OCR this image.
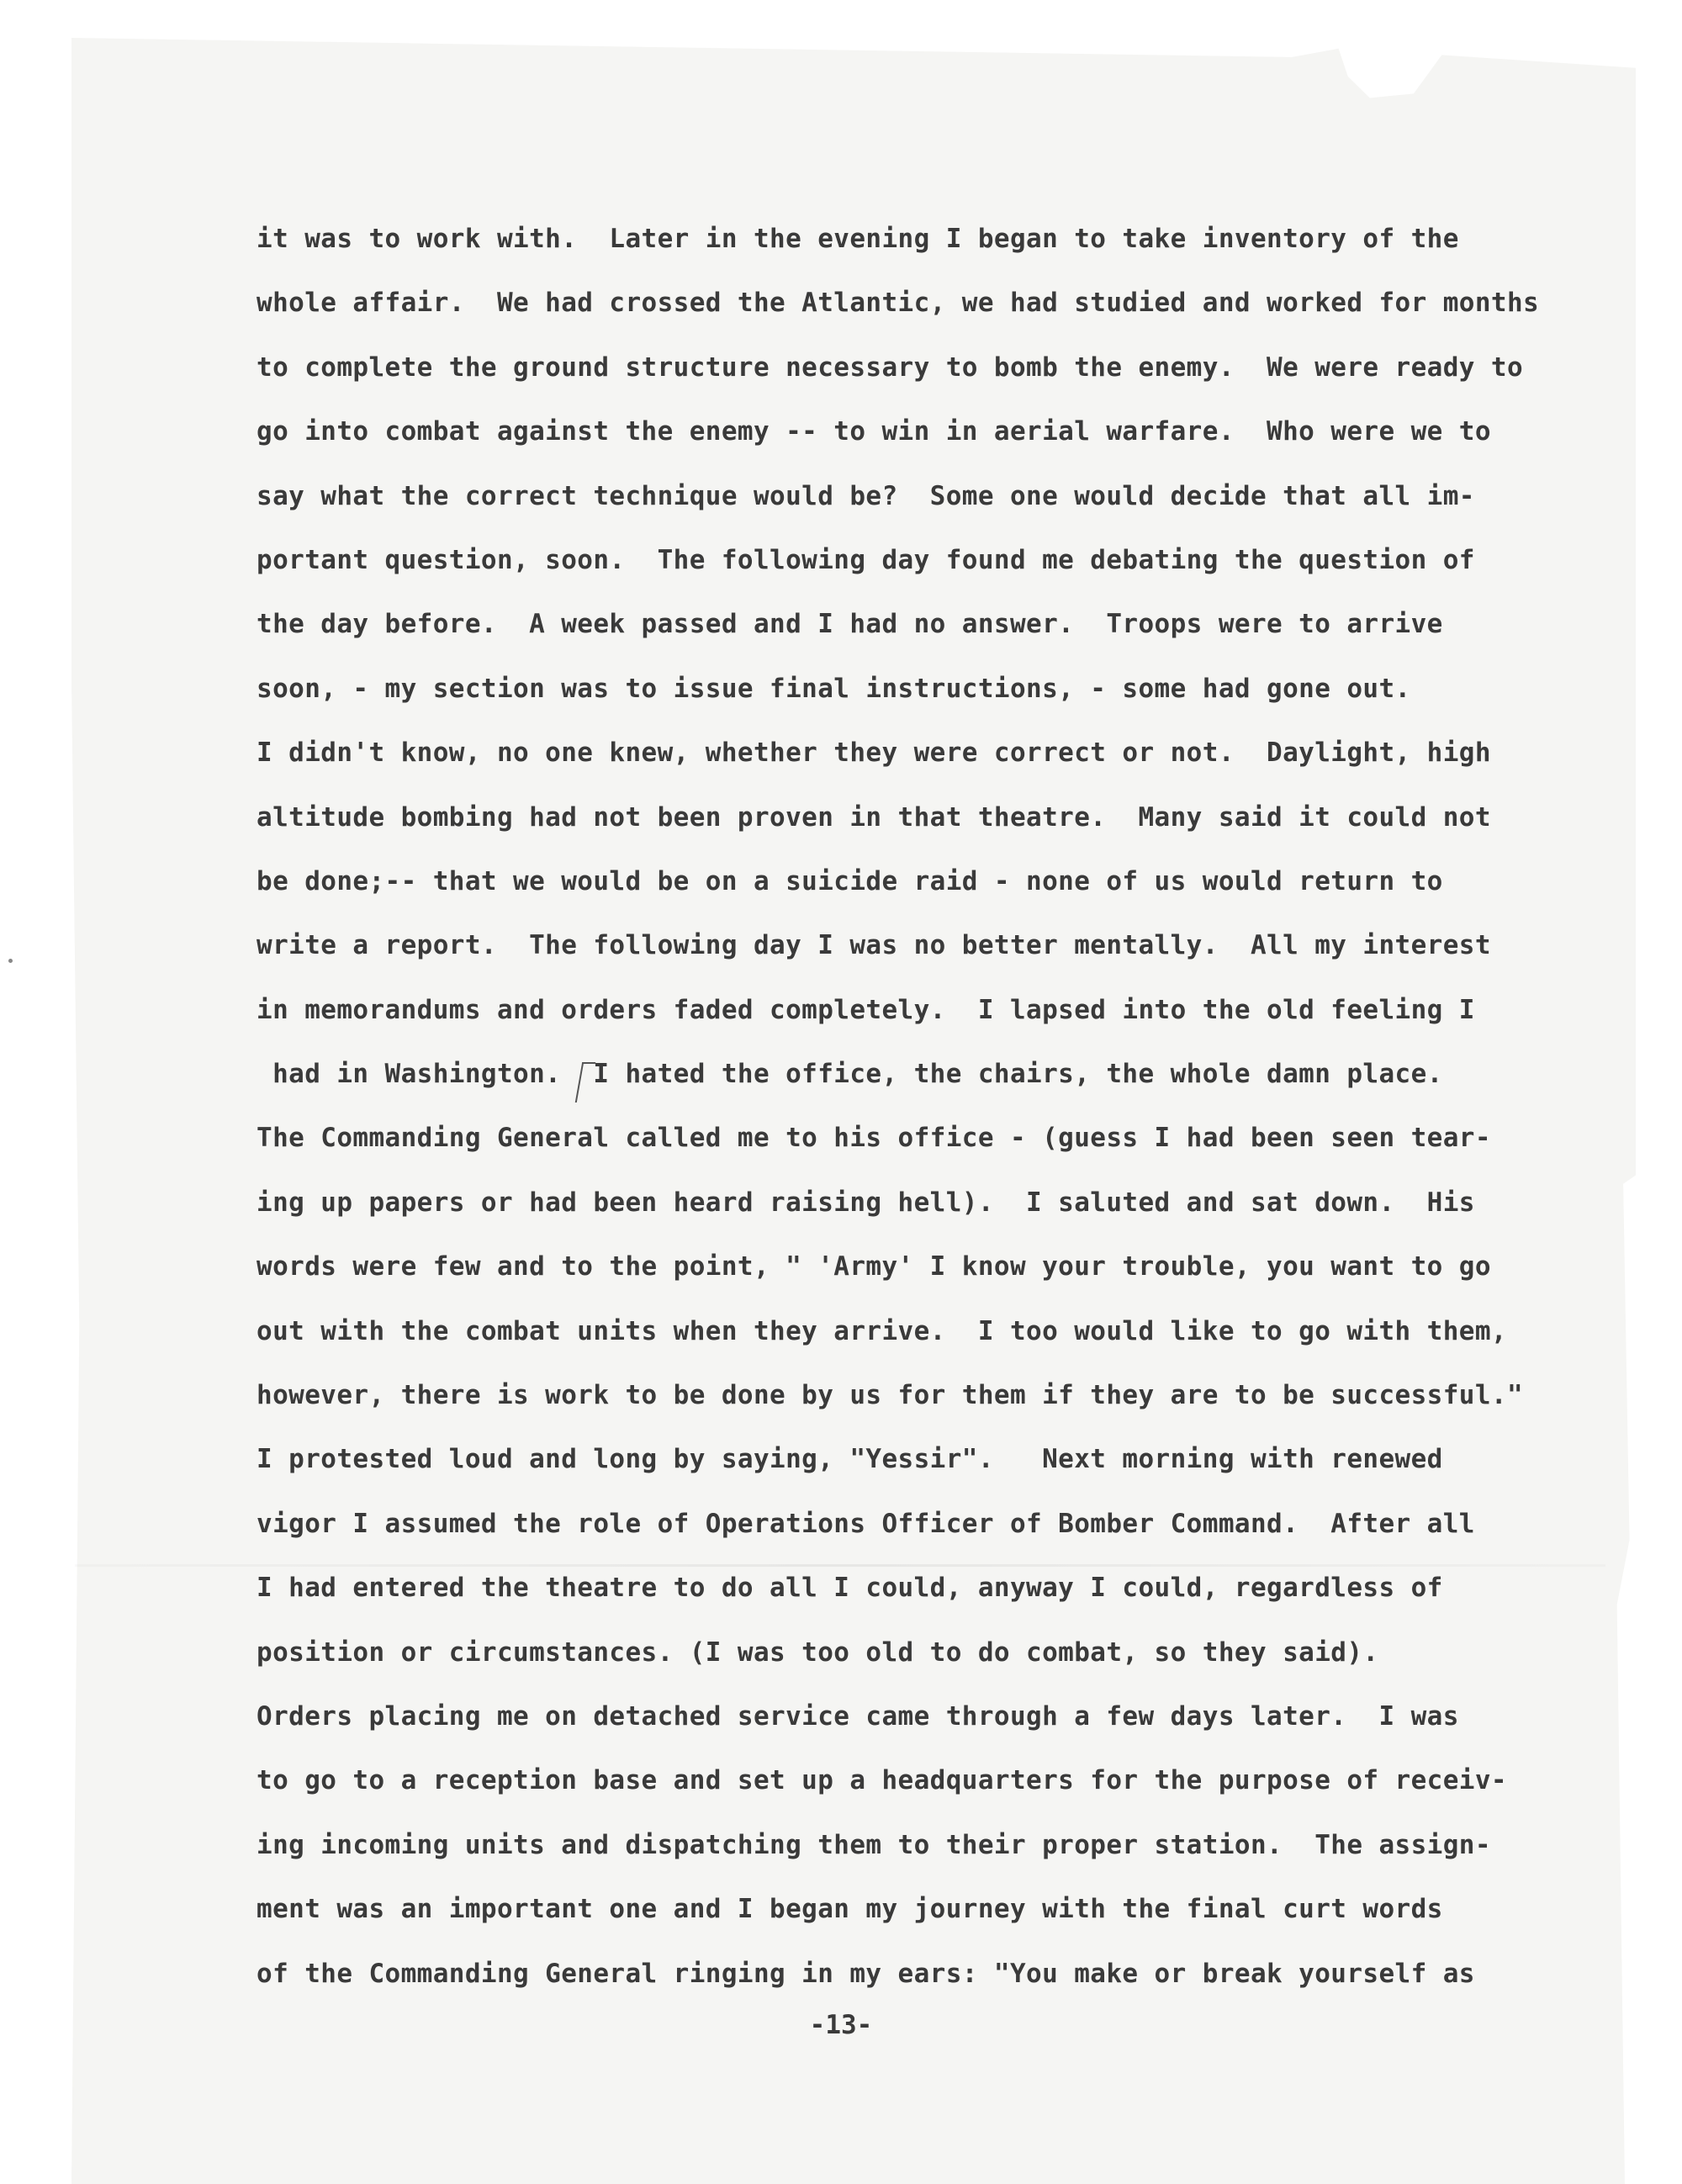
it was to work with.  Later in the evening I began to take inventory of the
whole affair.  We had crossed the Atlantic, we had studied and worked for months
to complete the ground structure necessary to bomb the enemy.  We were ready to
go into combat against the enemy -- to win in aerial warfare.  Who were we to
say what the correct technique would be?  Some one would decide that all im-
portant question, soon.  The following day found me debating the question of
the day before.  A week passed and I had no answer.  Troops were to arrive
soon, - my section was to issue final instructions, - some had gone out.
I didn't know, no one knew, whether they were correct or not.  Daylight, high
altitude bombing had not been proven in that theatre.  Many said it could not
be done;-- that we would be on a suicide raid - none of us would return to
write a report.  The following day I was no better mentally.  All my interest
in memorandums and orders faded completely.  I lapsed into the old feeling I
had in Washington.  I hated the office, the chairs, the whole damn place.
The Commanding General called me to his office - (guess I had been seen tear-
ing up papers or had been heard raising hell).  I saluted and sat down.  His
words were few and to the point, " 'Army' I know your trouble, you want to go
out with the combat units when they arrive.  I too would like to go with them,
however, there is work to be done by us for them if they are to be successful."
I protested loud and long by saying, "Yessir".   Next morning with renewed
vigor I assumed the role of Operations Officer of Bomber Command.  After all
I had entered the theatre to do all I could, anyway I could, regardless of
position or circumstances. (I was too old to do combat, so they said).
Orders placing me on detached service came through a few days later.  I was
to go to a reception base and set up a headquarters for the purpose of receiv-
ing incoming units and dispatching them to their proper station.  The assign-
ment was an important one and I began my journey with the final curt words
of the Commanding General ringing in my ears: "You make or break yourself as
-13-
